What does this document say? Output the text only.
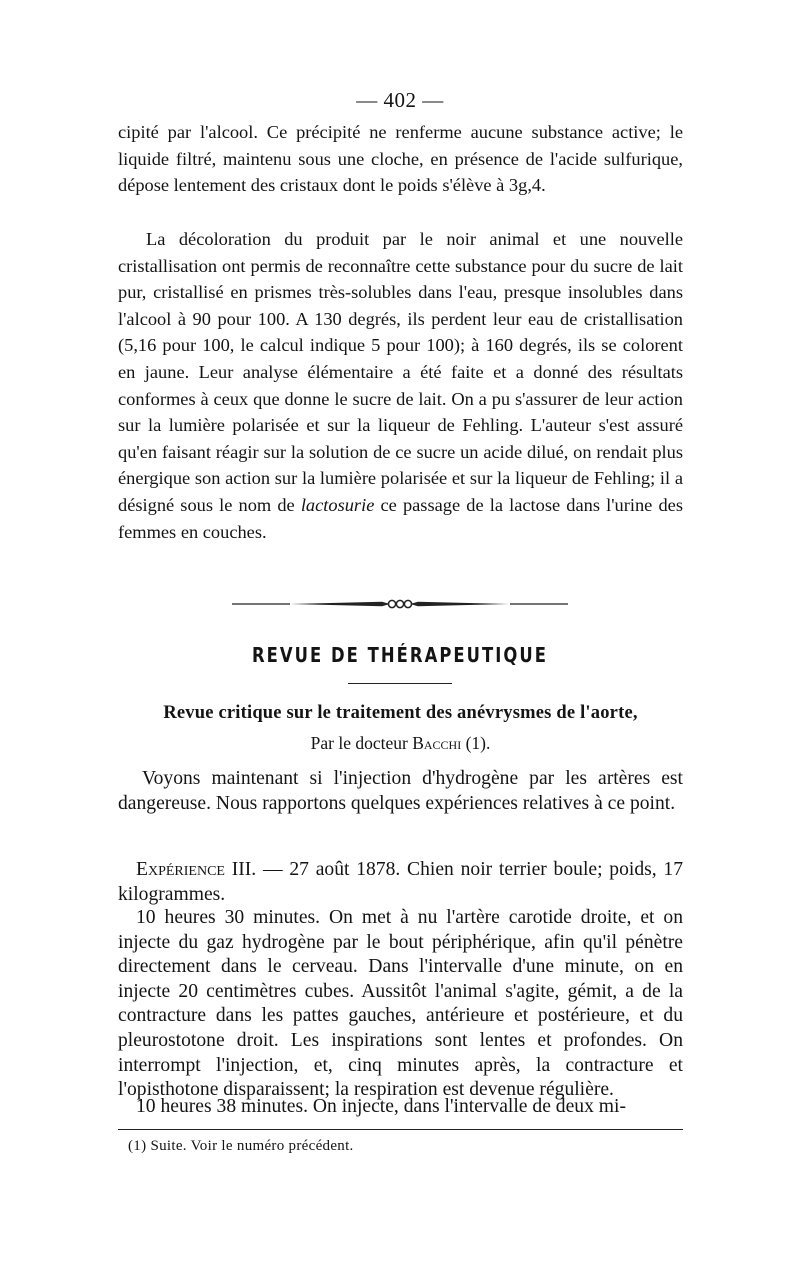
— 402 —

cipité par l'alcool. Ce précipité ne renferme aucune substance active; le liquide filtré, maintenu sous une cloche, en présence de l'acide sulfurique, dépose lentement des cristaux dont le poids s'élève à 3g,4.

La décoloration du produit par le noir animal et une nouvelle cristallisation ont permis de reconnaître cette substance pour du sucre de lait pur, cristallisé en prismes très-solubles dans l'eau, presque insolubles dans l'alcool à 90 pour 100. A 130 degrés, ils perdent leur eau de cristallisation (5,16 pour 100, le calcul indique 5 pour 100); à 160 degrés, ils se colorent en jaune. Leur analyse élémentaire a été faite et a donné des résultats conformes à ceux que donne le sucre de lait. On a pu s'assurer de leur action sur la lumière polarisée et sur la liqueur de Fehling. L'auteur s'est assuré qu'en faisant réagir sur la solution de ce sucre un acide dilué, on rendait plus énergique son action sur la lumière polarisée et sur la liqueur de Fehling; il a désigné sous le nom de lactosurie ce passage de la lactose dans l'urine des femmes en couches.

REVUE DE THÉRAPEUTIQUE
Revue critique sur le traitement des anévrysmes de l'aorte,
Par le docteur Bacchi (1).

Voyons maintenant si l'injection d'hydrogène par les artères est dangereuse. Nous rapportons quelques expériences relatives à ce point.

Expérience III. — 27 août 1878. Chien noir terrier boule; poids, 17 kilogrammes.

10 heures 30 minutes. On met à nu l'artère carotide droite, et on injecte du gaz hydrogène par le bout périphérique, afin qu'il pénètre directement dans le cerveau. Dans l'intervalle d'une minute, on en injecte 20 centimètres cubes. Aussitôt l'animal s'agite, gémit, a de la contracture dans les pattes gauches, antérieure et postérieure, et du pleurostotone droit. Les inspirations sont lentes et profondes. On interrompt l'injection, et, cinq minutes après, la contracture et l'opisthotone disparaissent; la respiration est devenue régulière.

10 heures 38 minutes. On injecte, dans l'intervalle de deux mi-

(1) Suite. Voir le numéro précédent.
